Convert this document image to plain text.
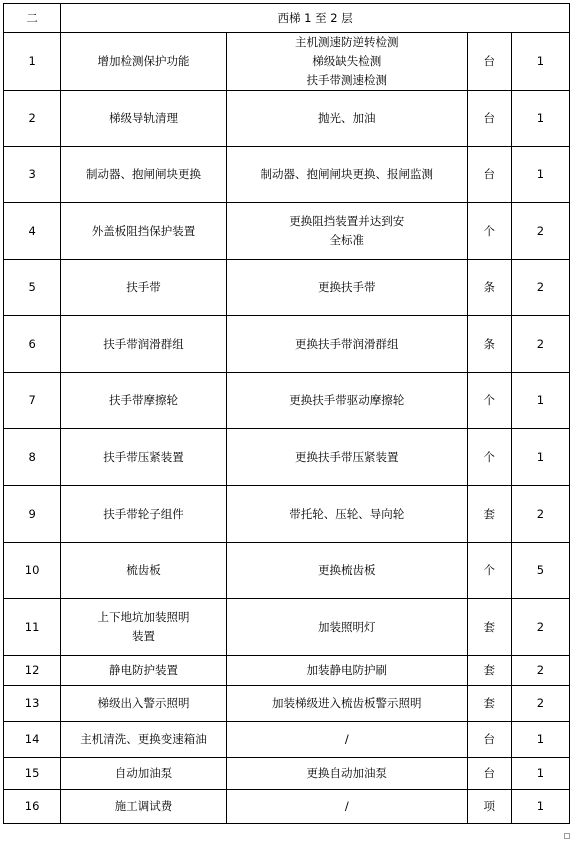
二	西梯 1 至 2 层			
1	增加检测保护功能	主机测速防逆转检测
梯级缺失检测
扶手带测速检测	台	1
2	梯级导轨清理	抛光、加油	台	1
3	制动器、抱闸闸块更换	制动器、抱闸闸块更换、报闸监测	台	1
4	外盖板阻挡保护装置	更换阻挡装置并达到安
全标准	个	2
5	扶手带	更换扶手带	条	2
6	扶手带润滑群组	更换扶手带润滑群组	条	2
7	扶手带摩擦轮	更换扶手带驱动摩擦轮	个	1
8	扶手带压紧装置	更换扶手带压紧装置	个	1
9	扶手带轮子组件	带托轮、压轮、导向轮	套	2
10	梳齿板	更换梳齿板	个	5
11	上下地坑加装照明
装置	加装照明灯	套	2
12	静电防护装置	加装静电防护刷	套	2
13	梯级出入警示照明	加装梯级进入梳齿板警示照明	套	2
14	主机清洗、更换变速箱油	/	台	1
15	自动加油泵	更换自动加油泵	台	1
16	施工调试费	/	项	1
